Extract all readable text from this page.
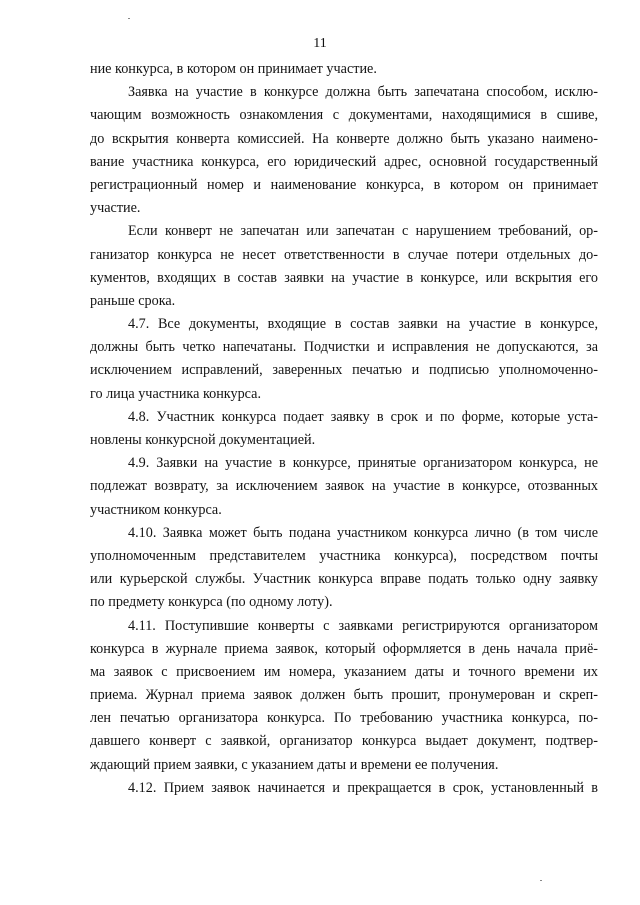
11
ние конкурса, в котором он принимает участие.
Заявка на участие в конкурсе должна быть запечатана способом, исклю-
чающим возможность ознакомления с документами, находящимися в сшиве,
до вскрытия конверта комиссией. На конверте должно быть указано наимено-
вание участника конкурса, его юридический адрес, основной государственный
регистрационный номер и наименование конкурса, в котором он принимает
участие.
Если конверт не запечатан или запечатан с нарушением требований, ор-
ганизатор конкурса не несет ответственности в случае потери отдельных до-
кументов, входящих в состав заявки на участие в конкурсе, или вскрытия его
раньше срока.
4.7. Все документы, входящие в состав заявки на участие в конкурсе,
должны быть четко напечатаны. Подчистки и исправления не допускаются, за
исключением исправлений, заверенных печатью и подписью уполномоченно-
го лица участника конкурса.
4.8. Участник конкурса подает заявку в срок и по форме, которые уста-
новлены конкурсной документацией.
4.9. Заявки на участие в конкурсе, принятые организатором конкурса, не
подлежат возврату, за исключением заявок на участие в конкурсе, отозванных
участником конкурса.
4.10. Заявка может быть подана участником конкурса лично (в том числе
уполномоченным представителем участника конкурса), посредством почты
или курьерской службы. Участник конкурса вправе подать только одну заявку
по предмету конкурса (по одному лоту).
4.11. Поступившие конверты с заявками регистрируются организатором
конкурса в журнале приема заявок, который оформляется в день начала приё-
ма заявок с присвоением им номера, указанием даты и точного времени их
приема. Журнал приема заявок должен быть прошит, пронумерован и скреп-
лен печатью организатора конкурса. По требованию участника конкурса, по-
давшего конверт с заявкой, организатор конкурса выдает документ, подтвер-
ждающий прием заявки, с указанием даты и времени ее получения.
4.12. Прием заявок начинается и прекращается в срок, установленный в
